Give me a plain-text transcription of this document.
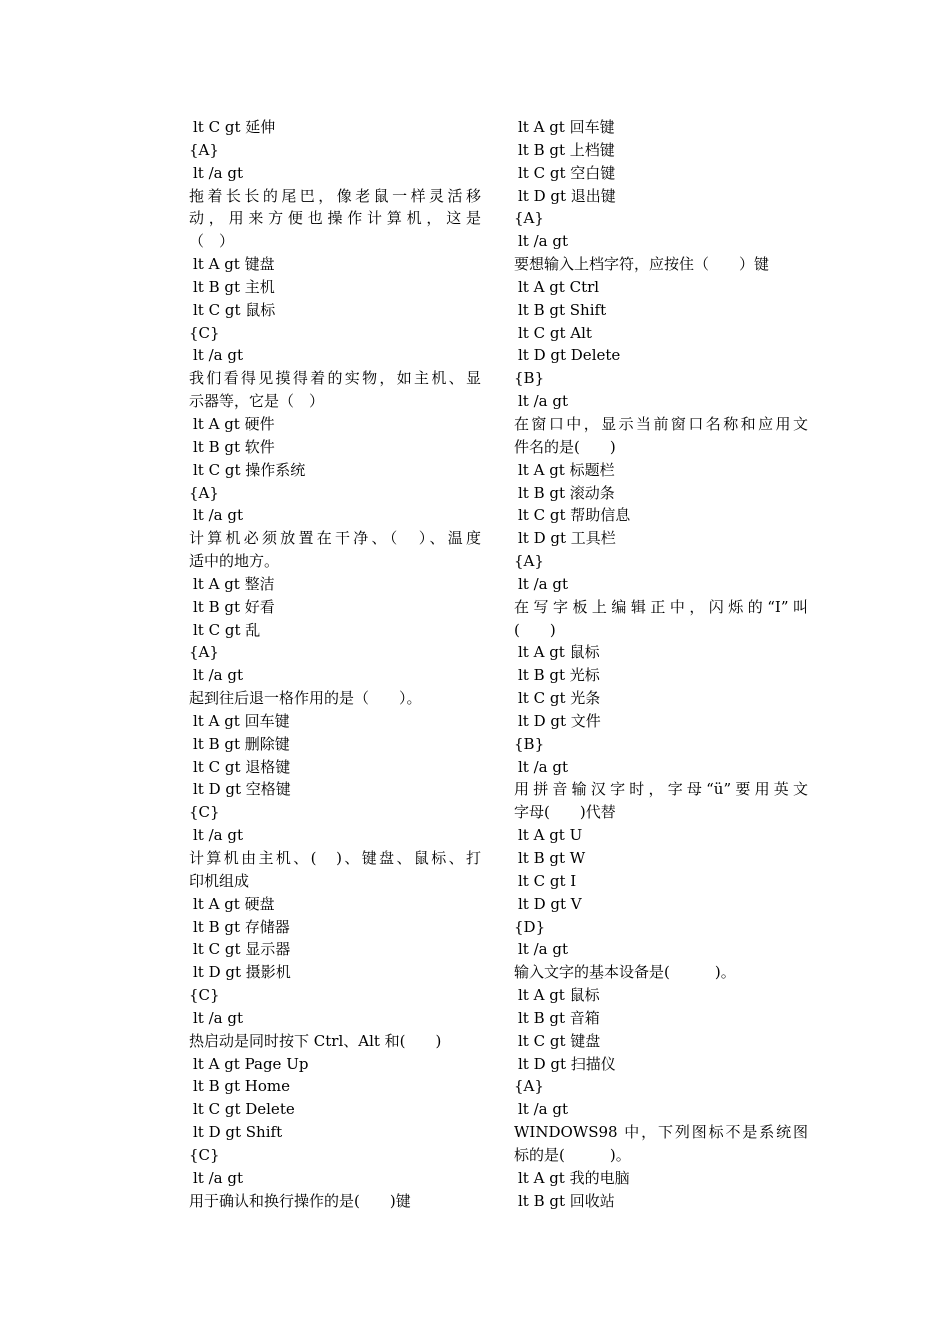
lt C gt 延伸
{A}
lt /a gt
拖着长长的尾巴，像老鼠一样灵活移
动，用来方便也操作计算机，这是
（　）
lt A gt 键盘
lt B gt 主机
lt C gt 鼠标
{C}
lt /a gt
我们看得见摸得着的实物，如主机、显
示器等，它是（　）
lt A gt 硬件
lt B gt 软件
lt C gt 操作系统
{A}
lt /a gt
计算机必须放置在干净、（　）、温度
适中的地方。
lt A gt 整洁
lt B gt 好看
lt C gt 乱
{A}
lt /a gt
起到往后退一格作用的是（　　）。
lt A gt 回车键
lt B gt 删除键
lt C gt 退格键
lt D gt 空格键
{C}
lt /a gt
计算机由主机、(　)、键盘、鼠标、打
印机组成
lt A gt 硬盘
lt B gt 存储器
lt C gt 显示器
lt D gt 摄影机
{C}
lt /a gt
热启动是同时按下 Ctrl、Alt 和(　　)
lt A gt Page Up
lt B gt Home
lt C gt Delete
lt D gt Shift
{C}
lt /a gt
用于确认和换行操作的是(　　)键
lt A gt 回车键
lt B gt 上档键
lt C gt 空白键
lt D gt 退出键
{A}
lt /a gt
要想输入上档字符，应按住（　　）键
lt A gt Ctrl
lt B gt Shift
lt C gt Alt
lt D gt Delete
{B}
lt /a gt
在窗口中，显示当前窗口名称和应用文
件名的是(　　)
lt A gt 标题栏
lt B gt 滚动条
lt C gt 帮助信息
lt D gt 工具栏
{A}
lt /a gt
在写字板上编辑正中，闪烁的“I”叫
(　　)
lt A gt 鼠标
lt B gt 光标
lt C gt 光条
lt D gt 文件
{B}
lt /a gt
用拼音输汉字时，字母“ü”要用英文
字母(　　)代替
lt A gt U
lt B gt W
lt C gt I
lt D gt V
{D}
lt /a gt
输入文字的基本设备是(　　　)。
lt A gt 鼠标
lt B gt 音箱
lt C gt 键盘
lt D gt 扫描仪
{A}
lt /a gt
WINDOWS98 中，下列图标不是系统图
标的是(　　　)。
lt A gt 我的电脑
lt B gt 回收站
